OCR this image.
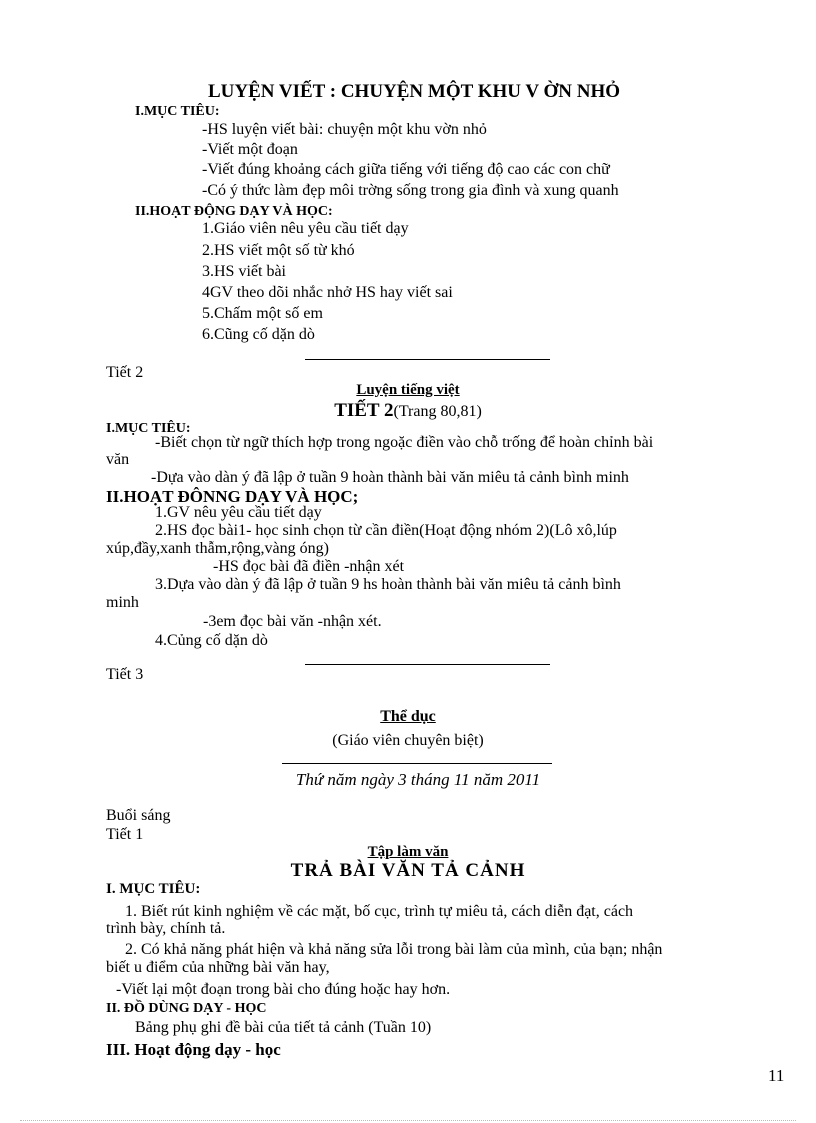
LUYỆN VIẾT : CHUYỆN MỘT KHU V ỜN NHỎ
I.MỤC TIÊU:
-HS luyện viết bài: chuyện một khu vờn nhỏ
-Viết một đoạn
-Viết đúng khoảng cách giữa tiếng với tiếng độ cao các con chữ
-Có ý thức làm đẹp môi trờng sống trong gia đình và xung quanh
II.HOẠT ĐỘNG DẠY VÀ HỌC:
1.Giáo viên nêu yêu cầu tiết dạy
2.HS viết một số từ khó
3.HS viết bài
4GV theo dõi nhắc nhở HS hay viết sai
5.Chấm một số em
6.Cũng cố dặn dò
Tiết 2
Luyện tiếng việt
TIẾT 2(Trang 80,81)
I.MỤC TIÊU:
-Biết chọn từ ngữ thích hợp trong ngoặc điền vào chỗ trống để hoàn chỉnh bài
văn
-Dựa vào dàn ý đã lập ở tuần 9 hoàn thành bài văn miêu tả cảnh bình minh
II.HOẠT ĐÔNNG DẠY VÀ HỌC;
1.GV nêu yêu cầu tiết dạy
2.HS đọc bài1- học sinh chọn từ cần điền(Hoạt động nhóm 2)(Lô xô,lúp
xúp,đầy,xanh thẫm,rộng,vàng óng)
-HS đọc bài đã điền -nhận xét
3.Dựa vào dàn ý đã lập ở tuần 9 hs hoàn thành bài văn miêu tả cảnh bình
minh
-3em đọc bài văn -nhận xét.
4.Củng cố dặn dò
Tiết 3
Thể dục
(Giáo viên chuyên biệt)
Thứ năm ngày 3 tháng 11 năm 2011
Buổi sáng
Tiết 1
Tập làm văn
TRẢ BÀI VĂN TẢ CẢNH
I. MỤC TIÊU:
1. Biết rút kinh nghiệm về các mặt, bố cục, trình tự miêu tả, cách diễn đạt, cách
trình bày, chính tả.
2. Có khả năng phát hiện và khả năng sửa lỗi trong bài làm của mình, của bạn; nhận
biết u điểm của những bài văn hay,
-Viết lại một đoạn trong bài cho đúng hoặc hay hơn.
II. ĐỒ DÙNG DẠY - HỌC
Bảng phụ ghi đề bài của tiết tả cảnh (Tuần 10)
III. Hoạt động dạy - học
11
